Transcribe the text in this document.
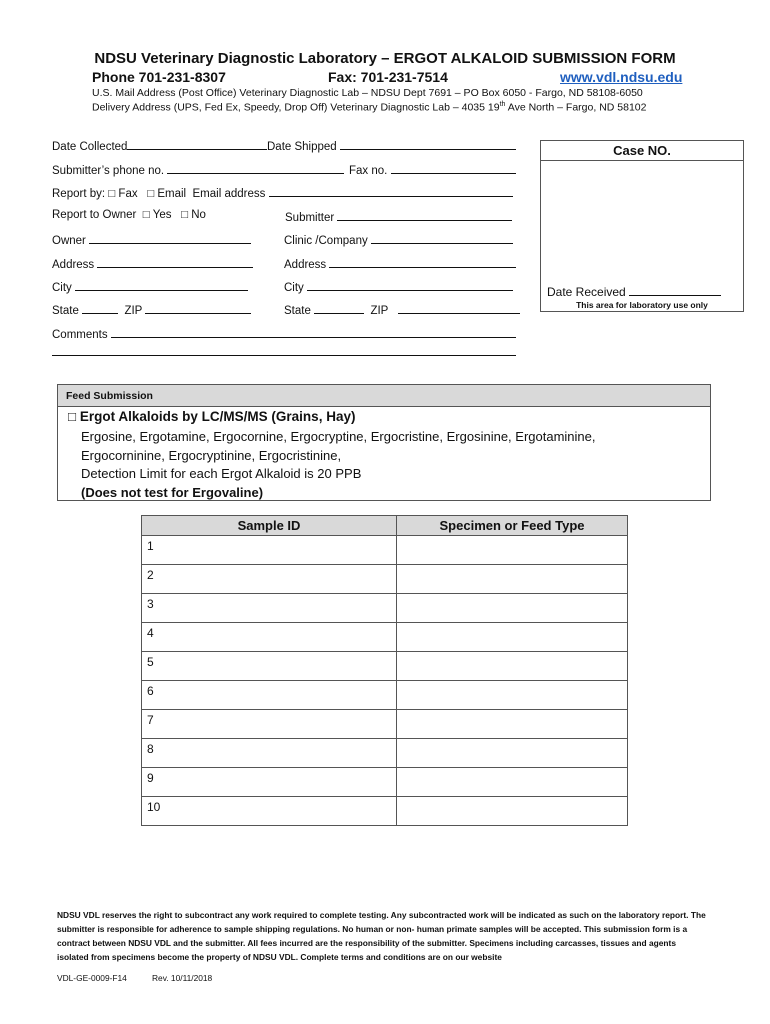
NDSU Veterinary Diagnostic Laboratory – ERGOT ALKALOID SUBMISSION FORM
Phone 701-231-8307	Fax: 701-231-7514	www.vdl.ndsu.edu
U.S. Mail Address (Post Office) Veterinary Diagnostic Lab – NDSU Dept 7691 – PO Box 6050 - Fargo, ND 58108-6050
Delivery Address (UPS, Fed Ex, Speedy, Drop Off) Veterinary Diagnostic Lab – 4035 19th Ave North – Fargo, ND 58102
Date Collected	Date Shipped
Submitter’s phone no.	Fax no.
Report by: □ Fax □ Email Email address
Report to Owner □ Yes □ No	Submitter
Owner	Clinic /Company
Address	Address
City	City
State	ZIP	State	ZIP
Comments
Case NO.
Date Received
This area for laboratory use only
Feed Submission
□ Ergot Alkaloids by LC/MS/MS (Grains, Hay)
Ergosine, Ergotamine, Ergocornine, Ergocryptine, Ergocristine, Ergosinine, Ergotaminine,
Ergocorninine, Ergocryptinine, Ergocristinine,
Detection Limit for each Ergot Alkaloid is 20 PPB
(Does not test for Ergovaline)
Sample ID	Specimen or Feed Type
1	
2	
3	
4	
5	
6	
7	
8	
9	
10	
NDSU VDL reserves the right to subcontract any work required to complete testing. Any subcontracted work will be indicated as such on the laboratory report. The submitter is responsible for adherence to sample shipping regulations. No human or non- human primate samples will be accepted. This submission form is a contract between NDSU VDL and the submitter. All fees incurred are the responsibility of the submitter. Specimens including carcasses, tissues and agents isolated from specimens become the property of NDSU VDL. Complete terms and conditions are on our website
VDL-GE-0009-F14	Rev. 10/11/2018
